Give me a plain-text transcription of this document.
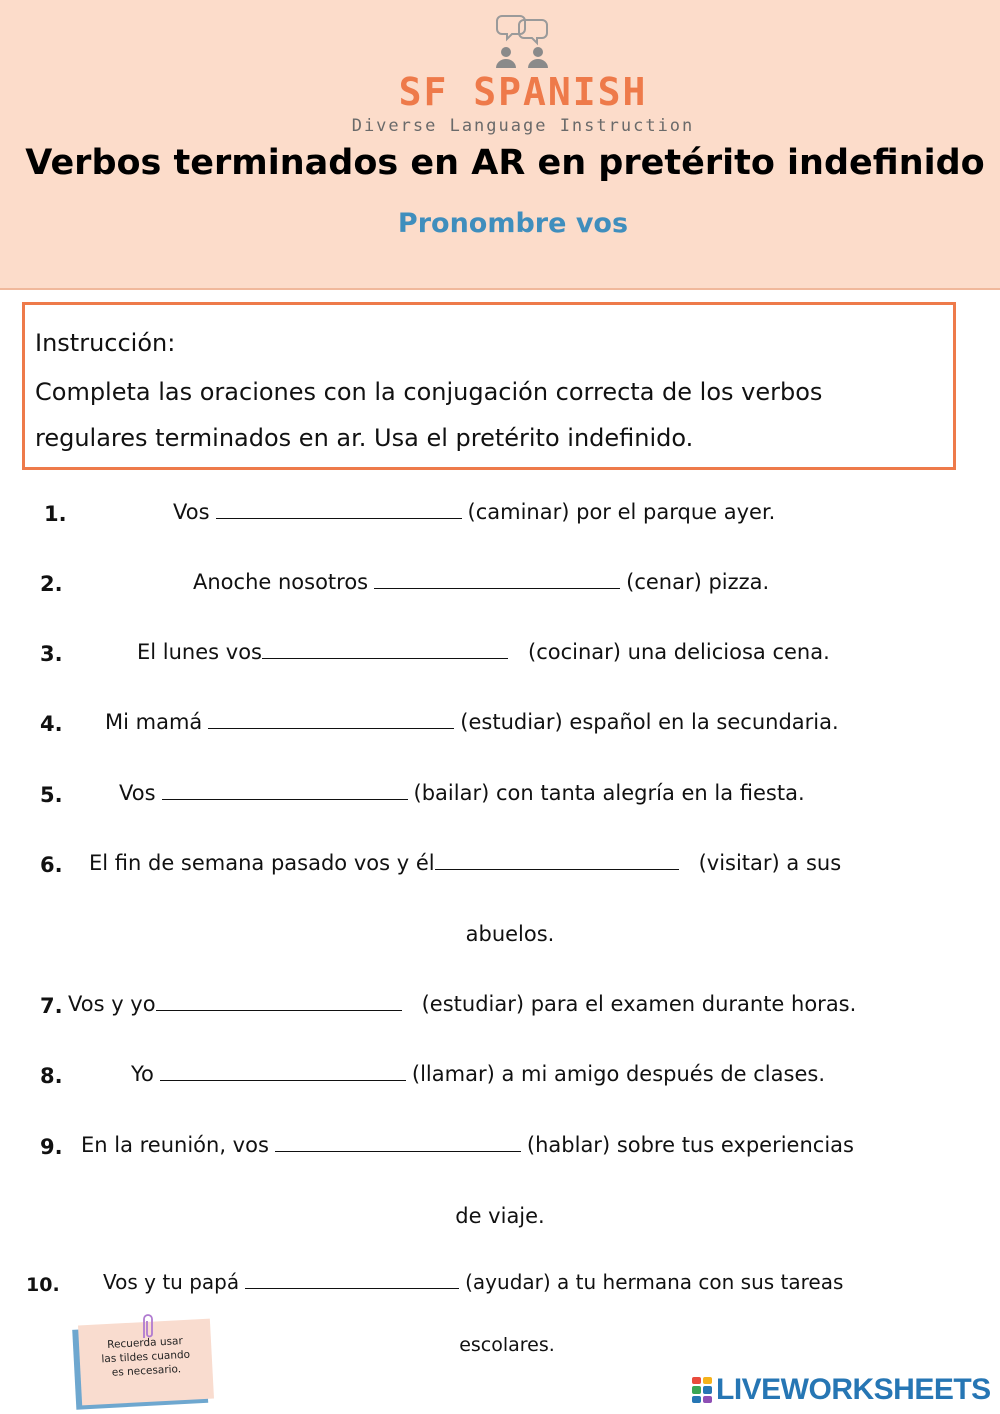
SF SPANISH
Diverse Language Instruction
Verbos terminados en AR en pretérito indefinido
Pronombre vos
Instrucción:
Completa las oraciones con la conjugación correcta de los verbos regulares terminados en ar. Usa el pretérito indefinido.
1.	Vos	(caminar) por el parque ayer.
2.	Anoche nosotros	(cenar) pizza.
3.	El lunes vos	(cocinar) una deliciosa cena.
4. Mi mamá	(estudiar) español en la secundaria.
5.	Vos	(bailar) con tanta alegría en la fiesta.
6. El fin de semana pasado vos y él	(visitar) a sus
abuelos.
7. Vos y yo	(estudiar) para el examen durante horas.
8.	Yo	(llamar) a mi amigo después de clases.
9. En la reunión, vos	(hablar) sobre tus experiencias
de viaje.
10. Vos y tu papá	(ayudar) a tu hermana con sus tareas
escolares.
Recuerda usar las tildes cuando es necesario.
LIVEWORKSHEETS
